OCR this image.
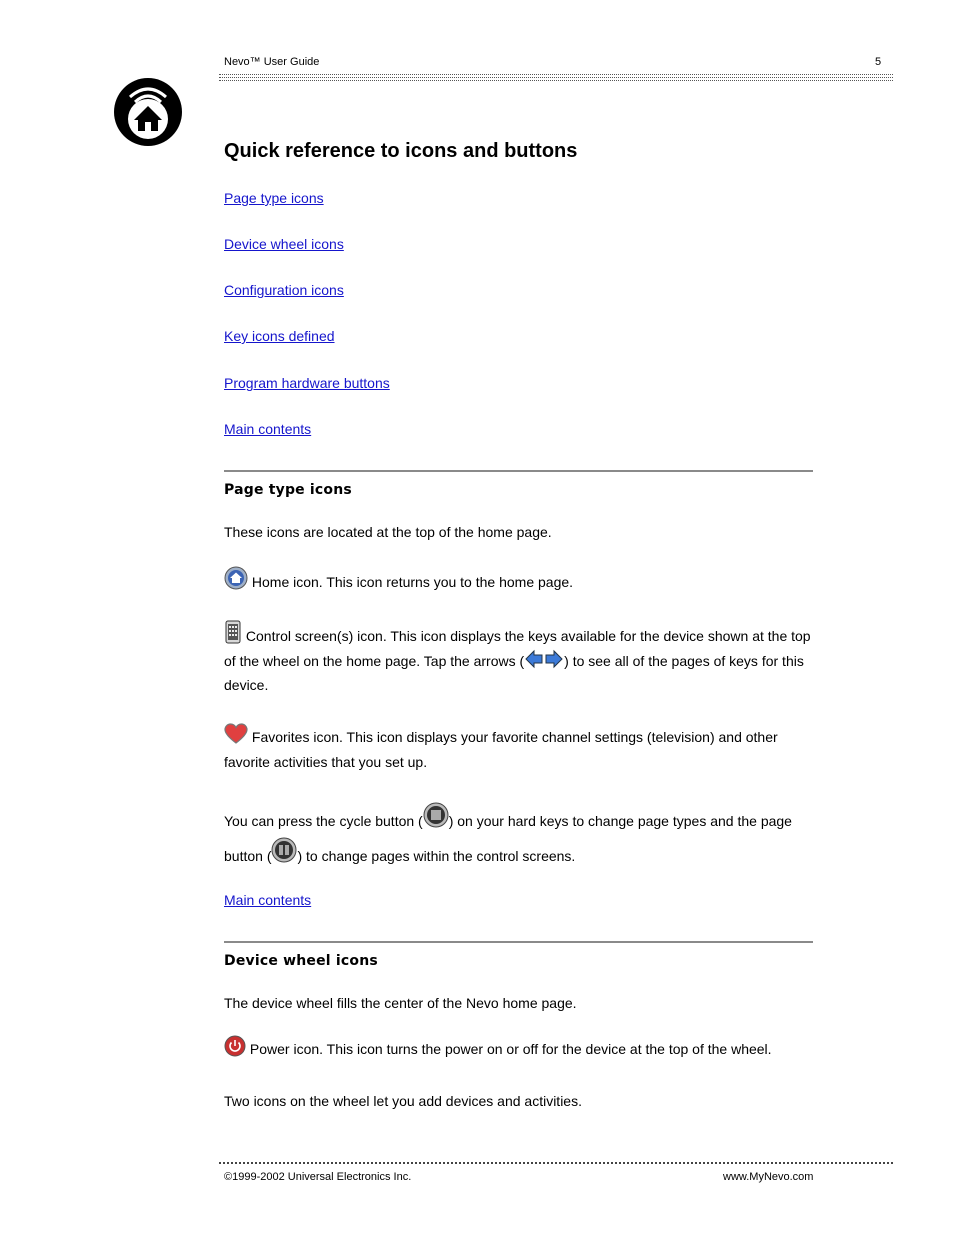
Nevo™ User Guide	5
Quick reference to icons and buttons
Page type icons
Device wheel icons
Configuration icons
Key icons defined
Program hardware buttons
Main contents
Page type icons
These icons are located at the top of the home page.
Home icon. This icon returns you to the home page.
Control screen(s) icon. This icon displays the keys available for the device shown at the top of the wheel on the home page. Tap the arrows (	) to see all of the pages of keys for this device.
Favorites icon. This icon displays your favorite channel settings (television) and other favorite activities that you set up.
You can press the cycle button ( ) on your hard keys to change page types and the page button ( ) to change pages within the control screens.
Main contents
Device wheel icons
The device wheel fills the center of the Nevo home page.
Power icon. This icon turns the power on or off for the device at the top of the wheel.
Two icons on the wheel let you add devices and activities.
©1999-2002 Universal Electronics Inc.	www.MyNevo.com
